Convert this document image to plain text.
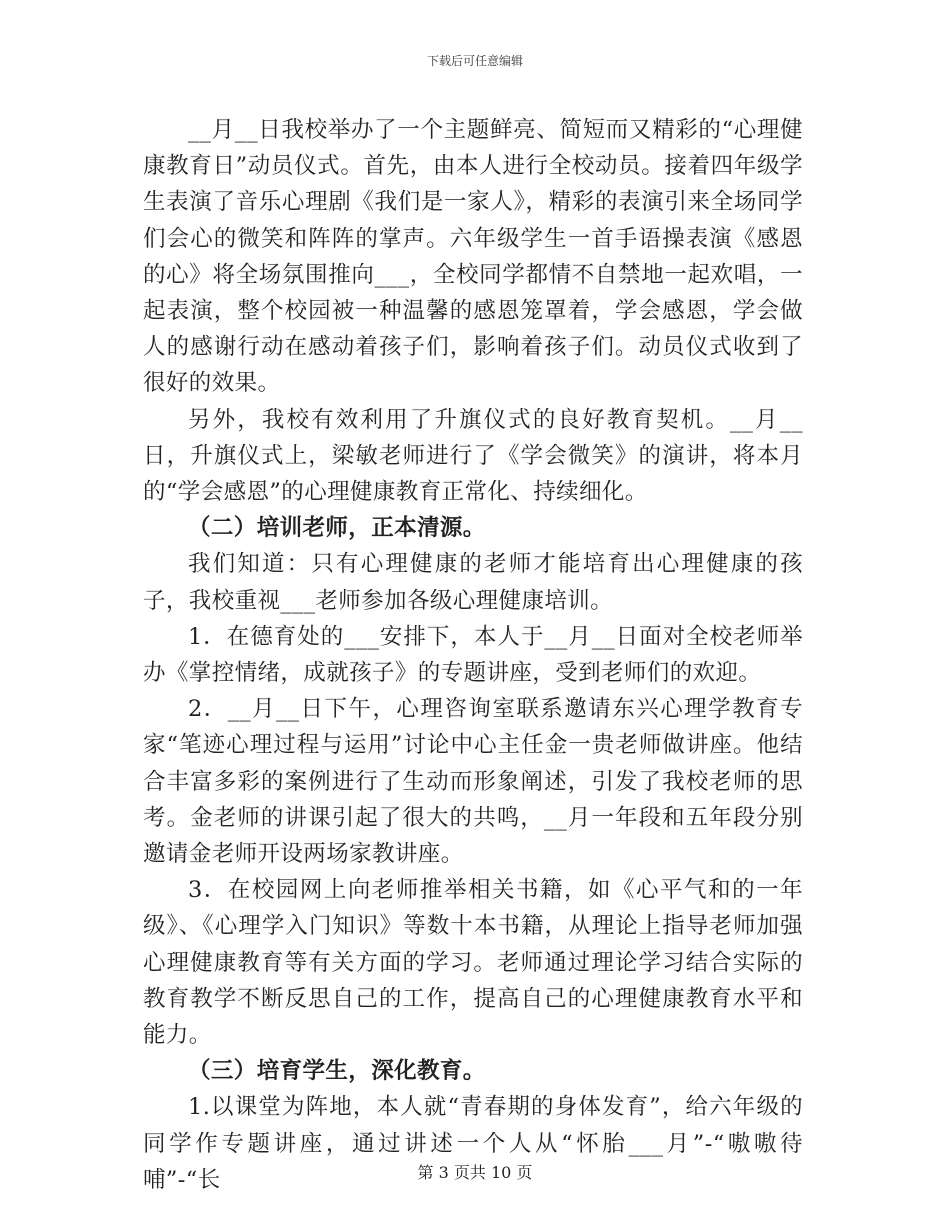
下载后可任意编辑

__月__日我校举办了一个主题鲜亮、简短而又精彩的“心理健康教育日”动员仪式。首先，由本人进行全校动员。接着四年级学生表演了音乐心理剧《我们是一家人》，精彩的表演引来全场同学们会心的微笑和阵阵的掌声。六年级学生一首手语操表演《感恩的心》将全场氛围推向___，全校同学都情不自禁地一起欢唱，一起表演，整个校园被一种温馨的感恩笼罩着，学会感恩，学会做人的感谢行动在感动着孩子们，影响着孩子们。动员仪式收到了很好的效果。

另外，我校有效利用了升旗仪式的良好教育契机。__月__日，升旗仪式上，梁敏老师进行了《学会微笑》的演讲，将本月的“学会感恩”的心理健康教育正常化、持续细化。

（二）培训老师，正本清源。

我们知道：只有心理健康的老师才能培育出心理健康的孩子，我校重视___老师参加各级心理健康培训。

1．在德育处的___安排下，本人于__月__日面对全校老师举办《掌控情绪，成就孩子》的专题讲座，受到老师们的欢迎。

2．__月__日下午，心理咨询室联系邀请东兴心理学教育专家“笔迹心理过程与运用”讨论中心主任金一贵老师做讲座。他结合丰富多彩的案例进行了生动而形象阐述，引发了我校老师的思考。金老师的讲课引起了很大的共鸣，__月一年段和五年段分别邀请金老师开设两场家教讲座。

3．在校园网上向老师推举相关书籍，如《心平气和的一年级》、《心理学入门知识》等数十本书籍，从理论上指导老师加强心理健康教育等有关方面的学习。老师通过理论学习结合实际的教育教学不断反思自己的工作，提高自己的心理健康教育水平和能力。

（三）培育学生，深化教育。

1.以课堂为阵地，本人就“青春期的身体发育”，给六年级的同学作专题讲座，通过讲述一个人从“怀胎___月”-“嗷嗷待哺”-“长	第 3 页共 10 页
